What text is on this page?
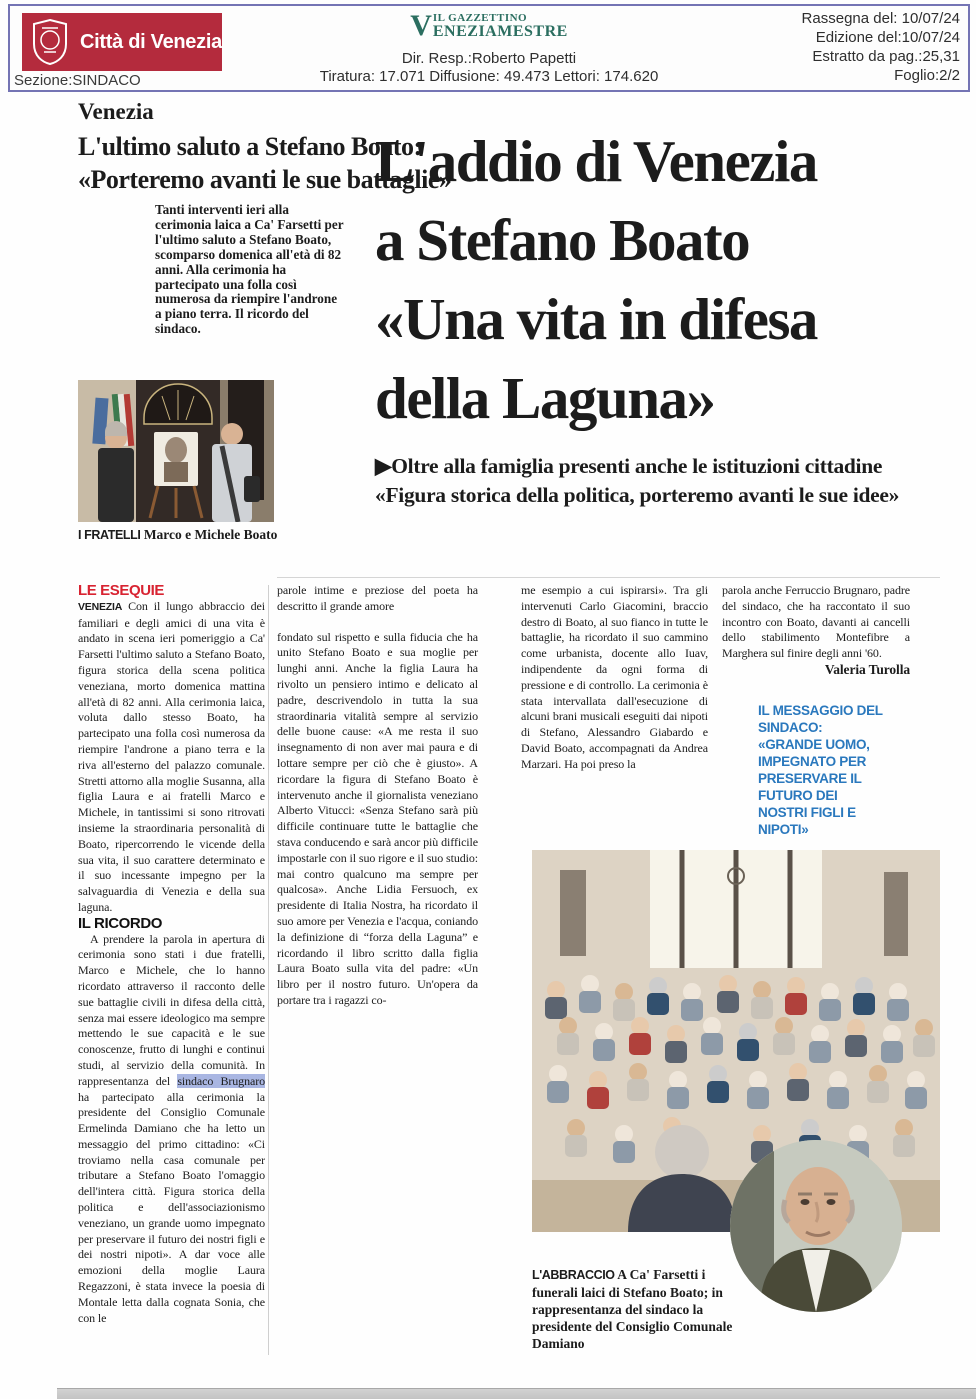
Città di Venezia
Sezione:SINDACO
V IL GAZZETTINO
ENEZIAMESTRE
Dir. Resp.:Roberto Papetti
Tiratura: 17.071 Diffusione: 49.473 Lettori: 174.620
Rassegna del: 10/07/24
Edizione del:10/07/24
Estratto da pag.:25,31
Foglio:2/2
Venezia
L'ultimo saluto a Stefano Boato:
«Porteremo avanti le sue battaglie»
Tanti interventi ieri alla cerimonia laica a Ca' Farsetti per l'ultimo saluto a Stefano Boato, scomparso domenica all'età di 82 anni. Alla cerimonia ha partecipato una folla così numerosa da riempire l'androne a piano terra. Il ricordo del sindaco.
I FRATELLI Marco e Michele Boato
L'addio di Venezia
a Stefano Boato
«Una vita in difesa
della Laguna»
▶Oltre alla famiglia presenti anche le istituzioni cittadine
«Figura storica della politica, porteremo avanti le sue idee»

LE ESEQUIE

VENEZIA Con il lungo abbraccio dei familiari e degli amici di una vita è andato in scena ieri pomeriggio a Ca' Farsetti l'ultimo saluto a Stefano Boato, figura storica della scena politica veneziana, morto domenica mattina all'età di 82 anni. Alla cerimonia laica, voluta dallo stesso Boato, ha partecipato una folla così numerosa da riempire l'androne a piano terra e la riva all'esterno del palazzo comunale. Stretti attorno alla moglie Susanna, alla figlia Laura e ai fratelli Marco e Michele, in tantissimi si sono ritrovati insieme la straordinaria personalità di Boato, ripercorrendo le vicende della sua vita, il suo carattere determinato e il suo incessante impegno per la salvaguardia di Venezia e della sua laguna.

IL RICORDO

A prendere la parola in apertura di cerimonia sono stati i due fratelli, Marco e Michele, che lo hanno ricordato attraverso il racconto delle sue battaglie civili in difesa della città, senza mai essere ideologico ma sempre mettendo le sue capacità e le sue conoscenze, frutto di lunghi e continui studi, al servizio della comunità. In rappresentanza del sindaco Brugnaro ha partecipato alla cerimonia la presidente del Consiglio Comunale Ermelinda Damiano che ha letto un messaggio del primo cittadino: «Ci troviamo nella casa comunale per tributare a Stefano Boato l'omaggio dell'intera città. Figura storica della politica e dell'associazionismo veneziano, un grande uomo impegnato per preservare il futuro dei nostri figli e dei nostri nipoti». A dar voce alle emozioni della moglie Laura Regazzoni, è stata invece la poesia di Montale letta dalla cognata Sonia, che con le

parole intime e preziose del poeta ha descritto il grande amore

fondato sul rispetto e sulla fiducia che ha unito Stefano Boato e sua moglie per lunghi anni. Anche la figlia Laura ha rivolto un pensiero intimo e delicato al padre, descrivendolo in tutta la sua straordinaria vitalità sempre al servizio delle buone cause: «A me resta il suo insegnamento di non aver mai paura e di lottare sempre per ciò che è giusto». A ricordare la figura di Stefano Boato è intervenuto anche il giornalista veneziano Alberto Vitucci: «Senza Stefano sarà più difficile continuare tutte le battaglie che stava conducendo e sarà ancor più difficile impostarle con il suo rigore e il suo studio: mai contro qualcuno ma sempre per qualcosa». Anche Lidia Fersuoch, ex presidente di Italia Nostra, ha ricordato il suo amore per Venezia e l'acqua, coniando la definizione di “forza della Laguna” e ricordando il libro scritto dalla figlia Laura Boato sulla vita del padre: «Un libro per il nostro futuro. Un'opera da portare tra i ragazzi co-

me esempio a cui ispirarsi». Tra gli intervenuti Carlo Giacomini, braccio destro di Boato, al suo fianco in tutte le battaglie, ha ricordato il suo cammino come urbanista, docente allo Iuav, indipendente da ogni forma di pressione e di controllo. La cerimonia è stata intervallata dall'esecuzione di alcuni brani musicali eseguiti dai nipoti di Stefano, Alessandro Giabardo e David Boato, accompagnati da Andrea Marzari. Ha poi preso la

parola anche Ferruccio Brugnaro, padre del sindaco, che ha raccontato il suo incontro con Boato, davanti ai cancelli dello stabilimento Montefibre a Marghera sul finire degli anni '60.

Valeria Turolla

IL MESSAGGIO DEL SINDACO: «GRANDE UOMO, IMPEGNATO PER PRESERVARE IL FUTURO DEI NOSTRI FIGLI E NIPOTI»
L'ABBRACCIO A Ca' Farsetti i funerali laici di Stefano Boato; in rappresentanza del sindaco la presidente del Consiglio Comunale Damiano
